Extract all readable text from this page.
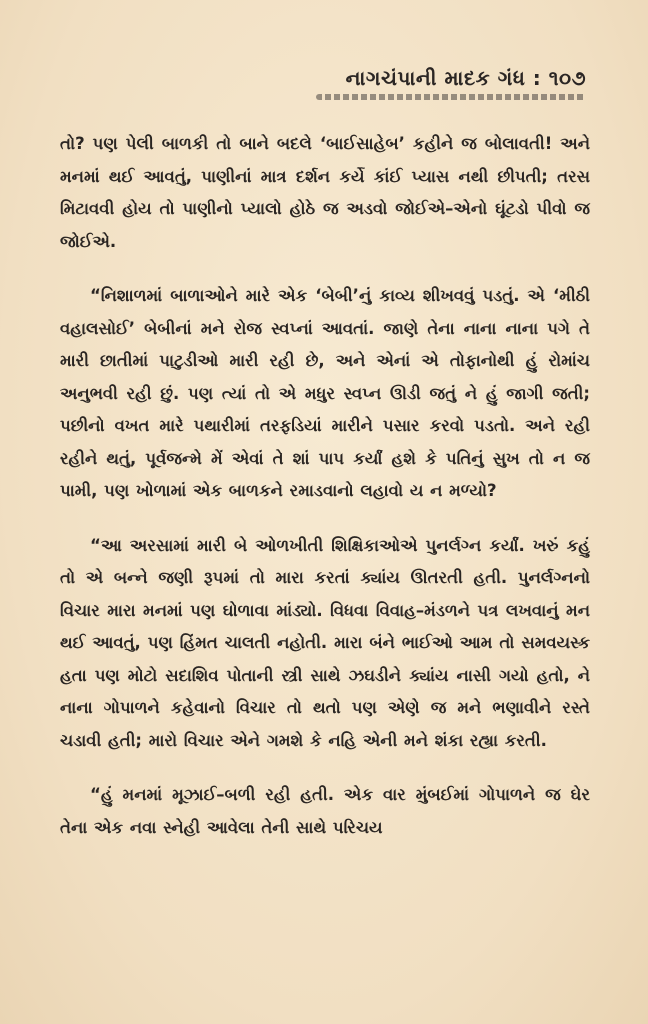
નાગચંપાની માદક ગંધ : ૧૦૭

તો? પણ પેલી બાળકી તો બાને બદલે ‘બાઈસાહેબ’ કહીને જ બોલાવતી! અને મનમાં થઈ આવતું, પાણીનાં માત્ર દર્શન કર્યે કાંઈ પ્યાસ નથી છીપતી; તરસ મિટાવવી હોય તો પાણીનો પ્યાલો હોઠે જ અડવો જોઈએ–એનો ઘૂંટડો પીવો જ જોઈએ.

“નિશાળમાં બાળાઓને મારે એક ‘બેબી’નું કાવ્ય શીખવવું પડતું. એ ‘મીઠી વહાલસોઈ’ બેબીનાં મને રોજ સ્વપ્નાં આવતાં. જાણે તેના નાના નાના પગે તે મારી છાતીમાં પાટુડીઓ મારી રહી છે, અને એનાં એ તોફાનોથી હું રોમાંચ અનુભવી રહી છું. પણ ત્યાં તો એ મધુર સ્વપ્ન ઊડી જતું ને હું જાગી જતી; પછીનો વખત મારે પથારીમાં તરફડિયાં મારીને પસાર કરવો પડતો. અને રહી રહીને થતું, પૂર્વજન્મે મેં એવાં તે શાં પાપ કર્યાં હશે કે પતિનું સુખ તો ન જ પામી, પણ ખોળામાં એક બાળકને રમાડવાનો લહાવો ય ન મળ્યો?

“આ અરસામાં મારી બે ઓળખીતી શિક્ષિકાઓએ પુનર્લગ્ન કર્યાં. ખરું કહું તો એ બન્ને જણી રૂપમાં તો મારા કરતાં ક્યાંય ઊતરતી હતી. પુનર્લગ્નનો વિચાર મારા મનમાં પણ ઘોળાવા માંડ્યો. વિધવા વિવાહ–મંડળને પત્ર લખવાનું મન થઈ આવતું, પણ હિંમત ચાલતી નહોતી. મારા બંને ભાઈઓ આમ તો સમવયસ્ક હતા પણ મોટો સદાશિવ પોતાની સ્ત્રી સાથે ઝઘડીને ક્યાંય નાસી ગયો હતો, ને નાના ગોપાળને કહેવાનો વિચાર તો થતો પણ એણે જ મને ભણાવીને રસ્તે ચડાવી હતી; મારો વિચાર એને ગમશે કે નહિ એની મને શંકા રહ્યા કરતી.

“હું મનમાં મૂઝાઈ–બળી રહી હતી. એક વાર મુંબઈમાં ગોપાળને જ ઘેર તેના એક નવા સ્નેહી આવેલા તેની સાથે પરિચય
